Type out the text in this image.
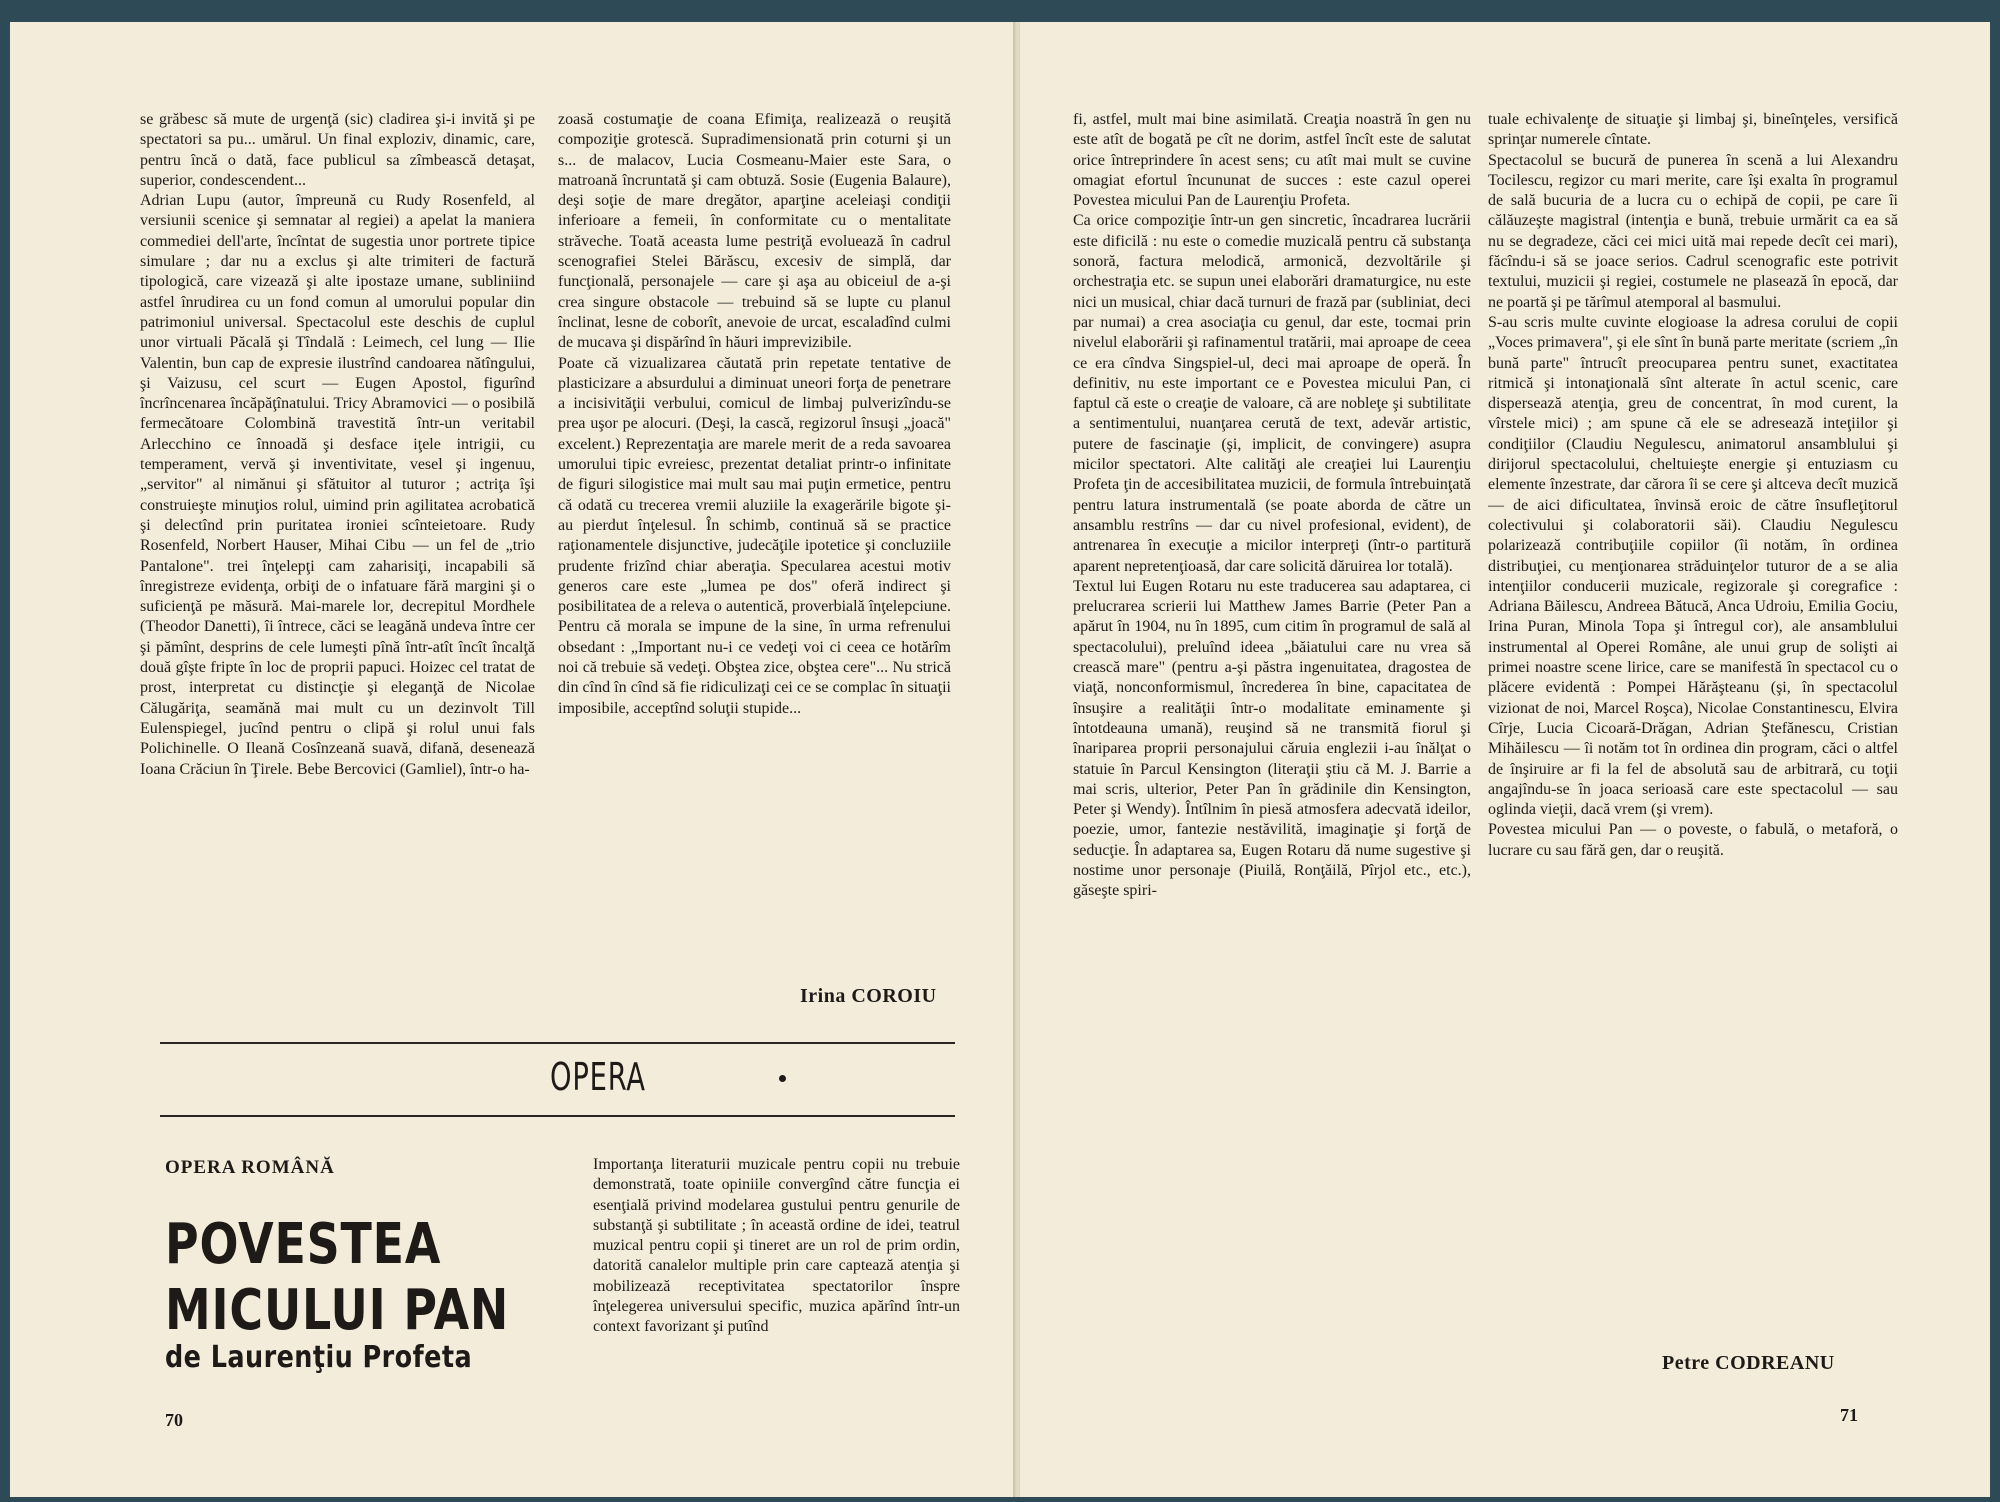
se grăbesc să mute de urgenţă (sic) cladirea şi-i invită şi pe spectatori sa pu... umărul. Un final exploziv, dinamic, care, pentru încă o dată, face publicul sa zîmbească detaşat, superior, condescendent...
Adrian Lupu (autor, împreună cu Rudy Rosenfeld, al versiunii scenice şi semnatar al regiei) a apelat la maniera commediei dell'arte, încîntat de sugestia unor portrete tipice simulare ; dar nu a exclus şi alte trimiteri de factură tipologică, care vizează şi alte ipostaze umane, subliniind astfel înrudirea cu un fond comun al umorului popular din patrimoniul universal. Spectacolul este deschis de cuplul unor virtuali Păcală şi Tîndală : Leimech, cel lung — Ilie Valentin, bun cap de expresie ilustrînd candoarea nătîngului, şi Vaizusu, cel scurt — Eugen Apostol, figurînd încrîncenarea încăpăţînatului. Tricy Abramovici — o posibilă fermecătoare Colombină travestită într-un veritabil Arlecchino ce înnoadă şi desface iţele intrigii, cu temperament, vervă şi inventivitate, vesel şi ingenuu, „servitor" al nimănui şi sfătuitor al tuturor ; actriţa îşi construieşte minuţios rolul, uimind prin agilitatea acrobatică şi delectînd prin puritatea ironiei scînteietoare. Rudy Rosenfeld, Norbert Hauser, Mihai Cibu — un fel de „trio Pantalone". trei înţelepţi cam zaharisiţi, incapabili să înregistreze evidenţa, orbiţi de o infatuare fără margini şi o suficienţă pe măsură. Mai-marele lor, decrepitul Mordhele (Theodor Danetti), îi întrece, căci se leagănă undeva între cer şi pămînt, desprins de cele lumeşti pînă într-atît încît încalţă două gîşte fripte în loc de proprii papuci. Hoizec cel tratat de prost, interpretat cu distincţie şi eleganţă de Nicolae Călugăriţa, seamănă mai mult cu un dezinvolt Till Eulenspiegel, jucînd pentru o clipă şi rolul unui fals Polichinelle. O Ileană Cosînzeană suavă, difană, desenează Ioana Crăciun în Ţirele. Bebe Bercovici (Gamliel), într-o ha-
zoasă costumaţie de coana Efimiţa, realizează o reuşită compoziţie grotescă. Supradimensionată prin coturni şi un s... de malacov, Lucia Cosmeanu-Maier este Sara, o matroană încruntată şi cam obtuză. Sosie (Eugenia Balaure), deşi soţie de mare dregător, aparţine aceleiaşi condiţii inferioare a femeii, în conformitate cu o mentalitate străveche. Toată aceasta lume pestriţă evoluează în cadrul scenografiei Stelei Bărăscu, excesiv de simplă, dar funcţională, personajele — care şi aşa au obiceiul de a-şi crea singure obstacole — trebuind să se lupte cu planul înclinat, lesne de coborît, anevoie de urcat, escaladînd culmi de mucava şi dispărînd în hăuri imprevizibile.
Poate că vizualizarea căutată prin repetate tentative de plasticizare a absurdului a diminuat uneori forţa de penetrare a incisivităţii verbului, comicul de limbaj pulverizîndu-se prea uşor pe alocuri. (Deşi, la cască, regizorul însuşi „joacă" excelent.) Reprezentaţia are marele merit de a reda savoarea umorului tipic evreiesc, prezentat detaliat printr-o infinitate de figuri silogistice mai mult sau mai puţin ermetice, pentru că odată cu trecerea vremii aluziile la exagerările bigote şi-au pierdut înţelesul. În schimb, continuă să se practice raţionamentele disjunctive, judecăţile ipotetice şi concluziile prudente frizînd chiar aberaţia. Specularea acestui motiv generos care este „lumea pe dos" oferă indirect şi posibilitatea de a releva o autentică, proverbială înţelepciune. Pentru că morala se impune de la sine, în urma refrenului obsedant : „Important nu-i ce vedeţi voi ci ceea ce hotărîm noi că trebuie să vedeţi. Obştea zice, obştea cere"... Nu strică din cînd în cînd să fie ridiculizaţi cei ce se complac în situaţii imposibile, acceptînd soluţii stupide...
Irina COROIU
OPERA
OPERA ROMÂNĂ
POVESTEA MICULUI PAN
de Laurenţiu Profeta
Importanţa literaturii muzicale pentru copii nu trebuie demonstrată, toate opiniile convergînd către funcţia ei esenţială privind modelarea gustului pentru genurile de substanţă şi subtilitate ; în această ordine de idei, teatrul muzical pentru copii şi tineret are un rol de prim ordin, datorită canalelor multiple prin care captează atenţia şi mobilizează receptivitatea spectatorilor înspre înţelegerea universului specific, muzica apărînd într-un context favorizant şi putînd
70
fi, astfel, mult mai bine asimilată. Creaţia noastră în gen nu este atît de bogată pe cît ne dorim, astfel încît este de salutat orice întreprindere în acest sens; cu atît mai mult se cuvine omagiat efortul încununat de succes : este cazul operei Povestea micului Pan de Laurenţiu Profeta.
Ca orice compoziţie într-un gen sincretic, încadrarea lucrării este dificilă : nu este o comedie muzicală pentru că substanţa sonoră, factura melodică, armonică, dezvoltările şi orchestraţia etc. se supun unei elaborări dramaturgice, nu este nici un musical, chiar dacă turnuri de frază par (subliniat, deci par numai) a crea asociaţia cu genul, dar este, tocmai prin nivelul elaborării şi rafinamentul tratării, mai aproape de ceea ce era cîndva Singspiel-ul, deci mai aproape de operă. În definitiv, nu este important ce e Povestea micului Pan, ci faptul că este o creaţie de valoare, că are nobleţe şi subtilitate a sentimentului, nuanţarea cerută de text, adevăr artistic, putere de fascinaţie (şi, implicit, de convingere) asupra micilor spectatori. Alte calităţi ale creaţiei lui Laurenţiu Profeta ţin de accesibilitatea muzicii, de formula întrebuinţată pentru latura instrumentală (se poate aborda de către un ansamblu restrîns — dar cu nivel profesional, evident), de antrenarea în execuţie a micilor interpreţi (într-o partitură aparent nepretenţioasă, dar care solicită dăruirea lor totală).
Textul lui Eugen Rotaru nu este traducerea sau adaptarea, ci prelucrarea scrierii lui Matthew James Barrie (Peter Pan a apărut în 1904, nu în 1895, cum citim în programul de sală al spectacolului), preluînd ideea „băiatului care nu vrea să crească mare" (pentru a-şi păstra ingenuitatea, dragostea de viaţă, nonconformismul, încrederea în bine, capacitatea de însuşire a realităţii într-o modalitate eminamente şi întotdeauna umană), reuşind să ne transmită fiorul şi înariparea proprii personajului căruia englezii i-au înălţat o statuie în Parcul Kensington (literaţii ştiu că M. J. Barrie a mai scris, ulterior, Peter Pan în grădinile din Kensington, Peter şi Wendy). Întîlnim în piesă atmosfera adecvată ideilor, poezie, umor, fantezie nestăvilită, imaginaţie şi forţă de seducţie. În adaptarea sa, Eugen Rotaru dă nume sugestive şi nostime unor personaje (Piuilă, Ronţăilă, Pîrjol etc., etc.), găseşte spiri-
tuale echivalenţe de situaţie şi limbaj şi, bineînţeles, versifică sprinţar numerele cîntate.
Spectacolul se bucură de punerea în scenă a lui Alexandru Tocilescu, regizor cu mari merite, care îşi exalta în programul de sală bucuria de a lucra cu o echipă de copii, pe care îi călăuzeşte magistral (intenţia e bună, trebuie urmărit ca ea să nu se degradeze, căci cei mici uită mai repede decît cei mari), făcîndu-i să se joace serios. Cadrul scenografic este potrivit textului, muzicii şi regiei, costumele ne plasează în epocă, dar ne poartă şi pe tărîmul atemporal al basmului.
S-au scris multe cuvinte elogioase la adresa corului de copii „Voces primavera", şi ele sînt în bună parte meritate (scriem „în bună parte" întrucît preocuparea pentru sunet, exactitatea ritmică şi intonaţională sînt alterate în actul scenic, care dispersează atenţia, greu de concentrat, în mod curent, la vîrstele mici) ; am spune că ele se adresează inteţiilor şi condiţiilor (Claudiu Negulescu, animatorul ansamblului şi dirijorul spectacolului, cheltuieşte energie şi entuziasm cu elemente înzestrate, dar cărora îi se cere şi altceva decît muzică — de aici dificultatea, învinsă eroic de către însufleţitorul colectivului şi colaboratorii săi). Claudiu Negulescu polarizează contribuţiile copiilor (îi notăm, în ordinea distribuţiei, cu menţionarea străduinţelor tuturor de a se alia intenţiilor conducerii muzicale, regizorale şi coregrafice : Adriana Băilescu, Andreea Bătucă, Anca Udroiu, Emilia Gociu, Irina Puran, Minola Topa şi întregul cor), ale ansamblului instrumental al Operei Române, ale unui grup de solişti ai primei noastre scene lirice, care se manifestă în spectacol cu o plăcere evidentă : Pompei Hărăşteanu (şi, în spectacolul vizionat de noi, Marcel Roşca), Nicolae Constantinescu, Elvira Cîrje, Lucia Cicoară-Drăgan, Adrian Ştefănescu, Cristian Mihăilescu — îi notăm tot în ordinea din program, căci o altfel de înşiruire ar fi la fel de absolută sau de arbitrară, cu toţii angajîndu-se în joaca serioasă care este spectacolul — sau oglinda vieţii, dacă vrem (şi vrem).
Povestea micului Pan — o poveste, o fabulă, o metaforă, o lucrare cu sau fără gen, dar o reuşită.
Petre CODREANU
71
